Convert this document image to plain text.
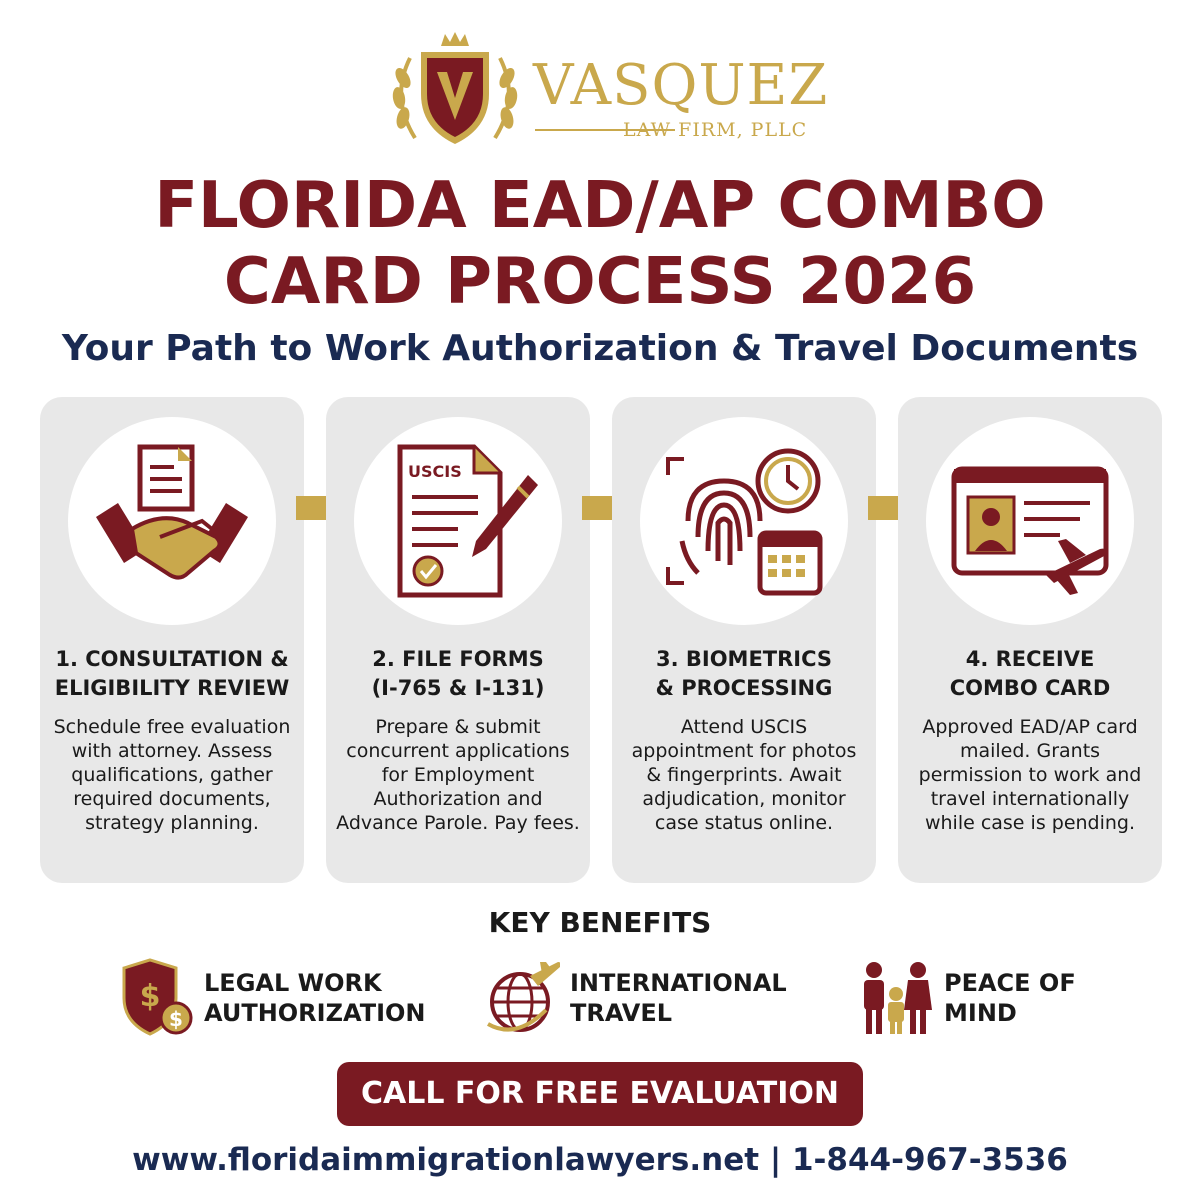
VASQUEZ
LAW FIRM, PLLC
FLORIDA EAD/AP COMBO
CARD PROCESS 2026
Your Path to Work Authorization & Travel Documents
1. CONSULTATION &
ELIGIBILITY REVIEW
Schedule free evaluation with attorney. Assess qualifications, gather required documents, strategy planning.
USCIS
2. FILE FORMS
(I-765 & I-131)
Prepare & submit concurrent applications for Employment Authorization and Advance Parole. Pay fees.
3. BIOMETRICS
& PROCESSING
Attend USCIS appointment for photos & fingerprints. Await adjudication, monitor case status online.
4. RECEIVE
COMBO CARD
Approved EAD/AP card mailed. Grants permission to work and travel internationally while case is pending.
KEY BENEFITS
$
$
LEGAL WORK
AUTHORIZATION
INTERNATIONAL
TRAVEL
PEACE OF
MIND
CALL FOR FREE EVALUATION
www.floridaimmigrationlawyers.net | 1-844-967-3536
